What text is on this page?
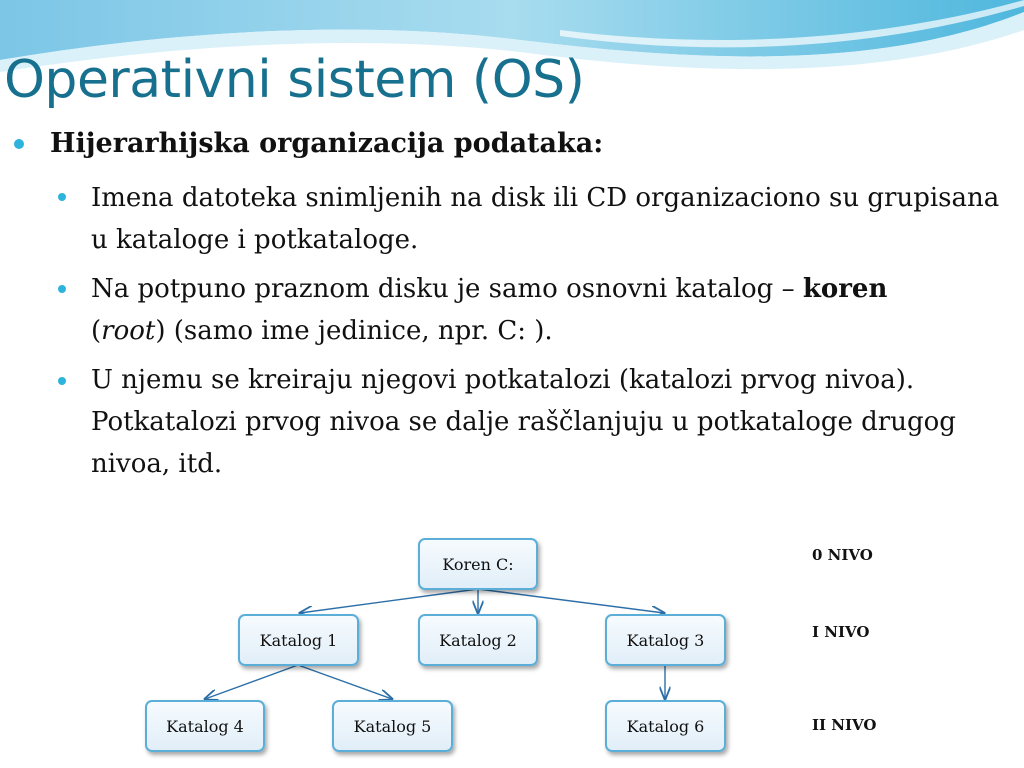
Operativni sistem (OS)
Hijerarhijska organizacija podataka:
Imena datoteka snimljenih na disk ili CD organizaciono su grupisana u kataloge i potkataloge.
Na potpuno praznom disku je samo osnovni katalog – koren
(root) (samo ime jedinice, npr. C: ).
U njemu se kreiraju njegovi potkatalozi (katalozi prvog nivoa). Potkatalozi prvog nivoa se dalje raščlanjuju u potkataloge drugog nivoa, itd.
Koren C:
Katalog 1	Katalog 2	Katalog 3
Katalog 4	Katalog 5	Katalog 6
0 NIVO
I NIVO
II NIVO
